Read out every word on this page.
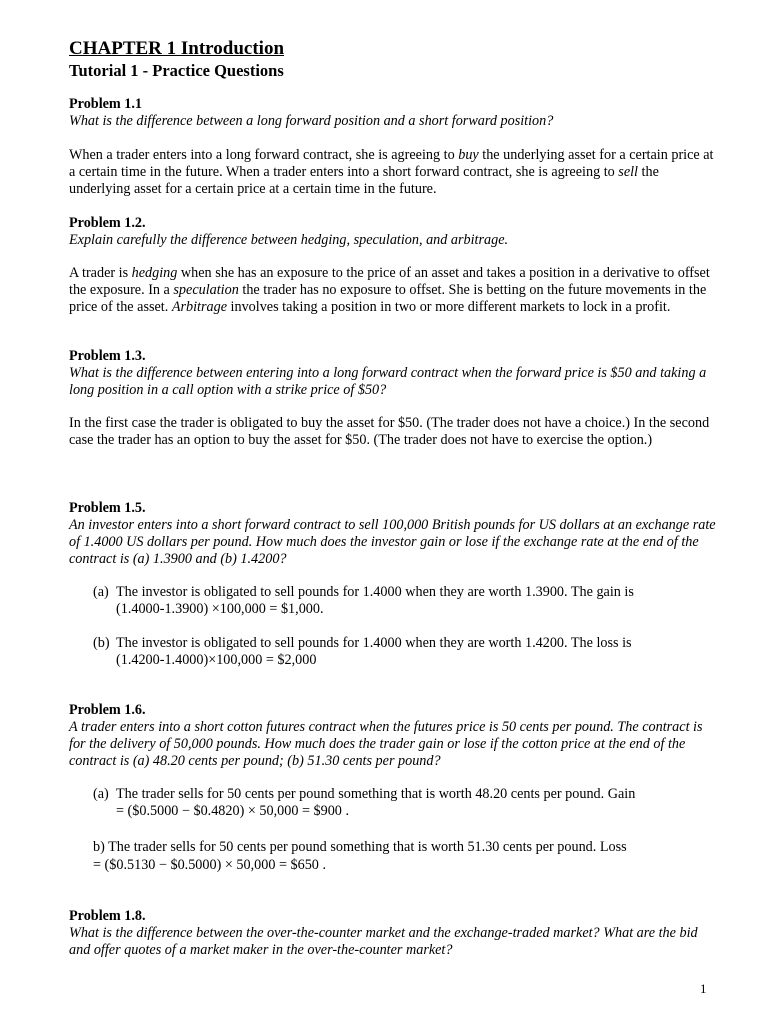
CHAPTER 1 Introduction
Tutorial 1 - Practice Questions
Problem 1.1
What is the difference between a long forward position and a short forward position?
When a trader enters into a long forward contract, she is agreeing to buy the underlying asset for a certain price at a certain time in the future. When a trader enters into a short forward contract, she is agreeing to sell the underlying asset for a certain price at a certain time in the future.
Problem 1.2.
Explain carefully the difference between hedging, speculation, and arbitrage.
A trader is hedging when she has an exposure to the price of an asset and takes a position in a derivative to offset the exposure. In a speculation the trader has no exposure to offset. She is betting on the future movements in the price of the asset. Arbitrage involves taking a position in two or more different markets to lock in a profit.
Problem 1.3.
What is the difference between entering into a long forward contract when the forward price is $50 and taking a long position in a call option with a strike price of $50?
In the first case the trader is obligated to buy the asset for $50. (The trader does not have a choice.) In the second case the trader has an option to buy the asset for $50. (The trader does not have to exercise the option.)
Problem 1.5.
An investor enters into a short forward contract to sell 100,000 British pounds for US dollars at an exchange rate of 1.4000 US dollars per pound. How much does the investor gain or lose if the exchange rate at the end of the contract is (a) 1.3900 and (b) 1.4200?
(a) The investor is obligated to sell pounds for 1.4000 when they are worth 1.3900. The gain is
(1.4000-1.3900) ×100,000 = $1,000.
(b) The investor is obligated to sell pounds for 1.4000 when they are worth 1.4200. The loss is
(1.4200-1.4000)×100,000 = $2,000
Problem 1.6.
A trader enters into a short cotton futures contract when the futures price is 50 cents per pound. The contract is for the delivery of 50,000 pounds. How much does the trader gain or lose if the cotton price at the end of the contract is (a) 48.20 cents per pound; (b) 51.30 cents per pound?
(a) The trader sells for 50 cents per pound something that is worth 48.20 cents per pound. Gain
= ($0.5000 − $0.4820) × 50,000 = $900 .
b) The trader sells for 50 cents per pound something that is worth 51.30 cents per pound. Loss
= ($0.5130 − $0.5000) × 50,000 = $650 .
Problem 1.8.
What is the difference between the over-the-counter market and the exchange-traded market? What are the bid and offer quotes of a market maker in the over-the-counter market?
1
